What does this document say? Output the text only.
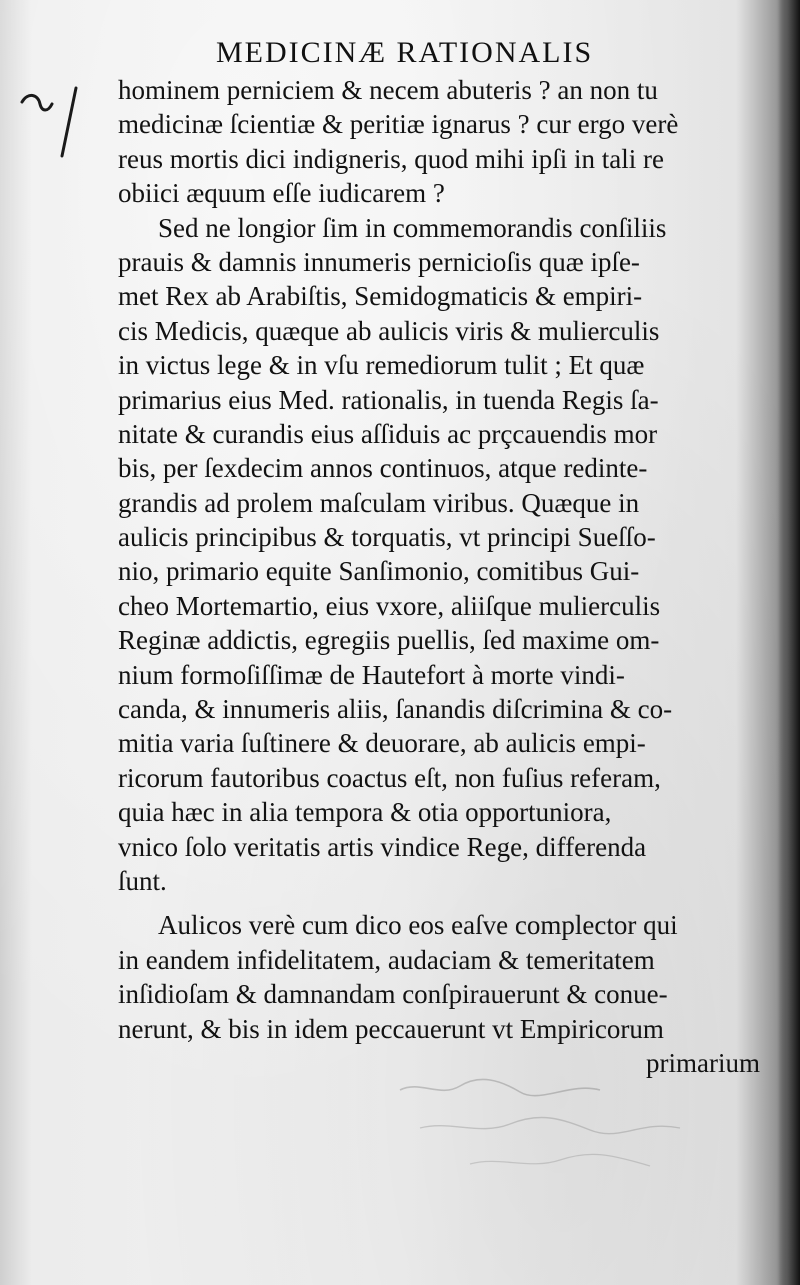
MEDICINÆ RATIONALIS
hominem perniciem & necem abuteris ? an non tu
medicinæ ſcientiæ & peritiæ ignarus ? cur ergo verè
reus mortis dici indigneris, quod mihi ipſi in tali re
obiici æquum eſſe iudicarem ?
Sed ne longior ſim in commemorandis conſiliis
prauis & damnis innumeris pernicioſis quæ ipſe-
met Rex ab Arabiſtis, Semidogmaticis & empiri-
cis Medicis, quæque ab aulicis viris & mulierculis
in victus lege & in vſu remediorum tulit ; Et quæ
primarius eius Med. rationalis, in tuenda Regis ſa-
nitate & curandis eius aſſiduis ac prçcauendis mor
bis, per ſexdecim annos continuos, atque redinte-
grandis ad prolem maſculam viribus. Quæque in
aulicis principibus & torquatis, vt principi Sueſſo-
nio, primario equite Sanſimonio, comitibus Gui-
cheo Mortemartio, eius vxore, aliiſque mulierculis
Reginæ addictis, egregiis puellis, ſed maxime om-
nium formoſiſſimæ de Hautefort à morte vindi-
canda, & innumeris aliis, ſanandis diſcrimina & co-
mitia varia ſuſtinere & deuorare, ab aulicis empi-
ricorum fautoribus coactus eſt, non fuſius referam,
quia hæc in alia tempora & otia opportuniora,
vnico ſolo veritatis artis vindice Rege, differenda
ſunt.
Aulicos verè cum dico eos eaſve complector qui
in eandem infidelitatem, audaciam & temeritatem
inſidioſam & damnandam conſpirauerunt & conue-
nerunt, & bis in idem peccauerunt vt Empiricorum
primarium
